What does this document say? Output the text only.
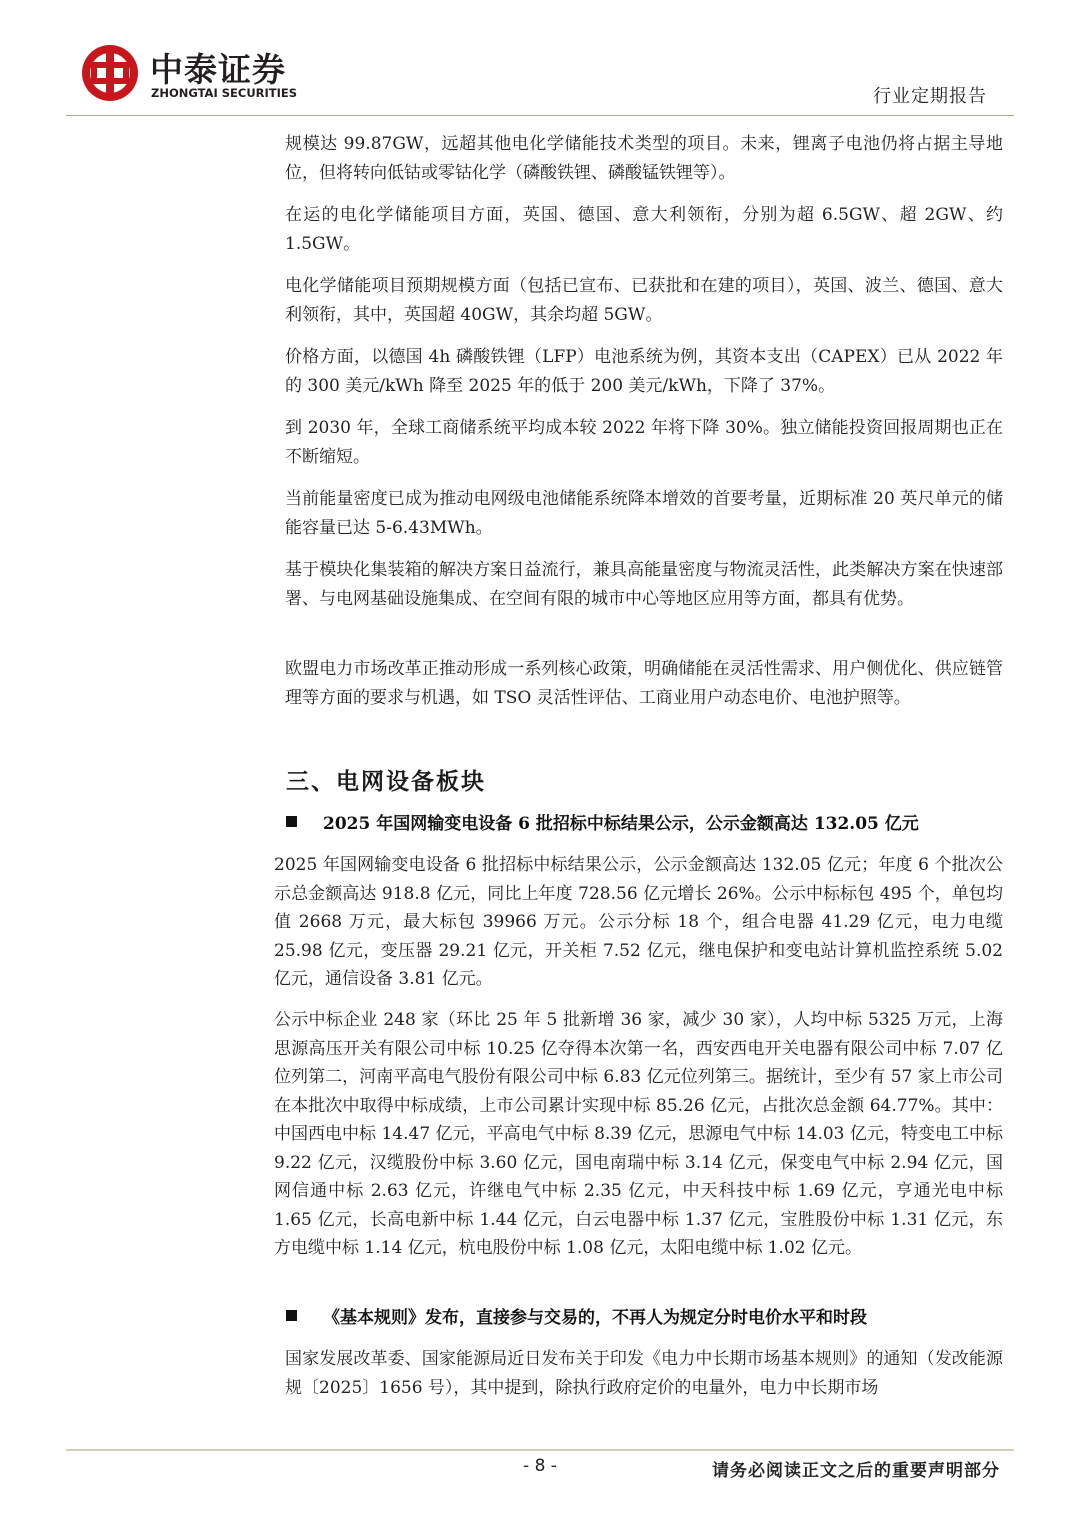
中泰证券
ZHONGTAI SECURITIES	行业定期报告

规模达 99.87GW，远超其他电化学储能技术类型的项目。未来，锂离子电池仍将占据主导地位，但将转向低钴或零钴化学（磷酸铁锂、磷酸锰铁锂等）。

在运的电化学储能项目方面，英国、德国、意大利领衔，分别为超 6.5GW、超 2GW、约 1.5GW。

电化学储能项目预期规模方面（包括已宣布、已获批和在建的项目），英国、波兰、德国、意大利领衔，其中，英国超 40GW，其余均超 5GW。

价格方面，以德国 4h 磷酸铁锂（LFP）电池系统为例，其资本支出（CAPEX）已从 2022 年的 300 美元/kWh 降至 2025 年的低于 200 美元/kWh，下降了 37%。

到 2030 年，全球工商储系统平均成本较 2022 年将下降 30%。独立储能投资回报周期也正在不断缩短。

当前能量密度已成为推动电网级电池储能系统降本增效的首要考量，近期标准 20 英尺单元的储能容量已达 5-6.43MWh。

基于模块化集装箱的解决方案日益流行，兼具高能量密度与物流灵活性，此类解决方案在快速部署、与电网基础设施集成、在空间有限的城市中心等地区应用等方面，都具有优势。

欧盟电力市场改革正推动形成一系列核心政策，明确储能在灵活性需求、用户侧优化、供应链管理等方面的要求与机遇，如 TSO 灵活性评估、工商业用户动态电价、电池护照等。

三、电网设备板块
2025 年国网输变电设备 6 批招标中标结果公示，公示金额高达 132.05 亿元

2025 年国网输变电设备 6 批招标中标结果公示，公示金额高达 132.05 亿元；年度 6 个批次公示总金额高达 918.8 亿元，同比上年度 728.56 亿元增长 26%。公示中标标包 495 个，单包均值 2668 万元，最大标包 39966 万元。公示分标 18 个，组合电器 41.29 亿元，电力电缆 25.98 亿元，变压器 29.21 亿元，开关柜 7.52 亿元，继电保护和变电站计算机监控系统 5.02 亿元，通信设备 3.81 亿元。

公示中标企业 248 家（环比 25 年 5 批新增 36 家，减少 30 家），人均中标 5325 万元，上海思源高压开关有限公司中标 10.25 亿夺得本次第一名，西安西电开关电器有限公司中标 7.07 亿位列第二，河南平高电气股份有限公司中标 6.83 亿元位列第三。据统计，至少有 57 家上市公司在本批次中取得中标成绩，上市公司累计实现中标 85.26 亿元，占批次总金额 64.77%。其中：中国西电中标 14.47 亿元，平高电气中标 8.39 亿元，思源电气中标 14.03 亿元，特变电工中标 9.22 亿元，汉缆股份中标 3.60 亿元，国电南瑞中标 3.14 亿元，保变电气中标 2.94 亿元，国网信通中标 2.63 亿元，许继电气中标 2.35 亿元，中天科技中标 1.69 亿元，亨通光电中标 1.65 亿元，长高电新中标 1.44 亿元，白云电器中标 1.37 亿元，宝胜股份中标 1.31 亿元，东方电缆中标 1.14 亿元，杭电股份中标 1.08 亿元，太阳电缆中标 1.02 亿元。

《基本规则》发布，直接参与交易的，不再人为规定分时电价水平和时段

国家发展改革委、国家能源局近日发布关于印发《电力中长期市场基本规则》的通知（发改能源规〔2025〕1656 号），其中提到，除执行政府定价的电量外，电力中长期市场

- 8 -	请务必阅读正文之后的重要声明部分
